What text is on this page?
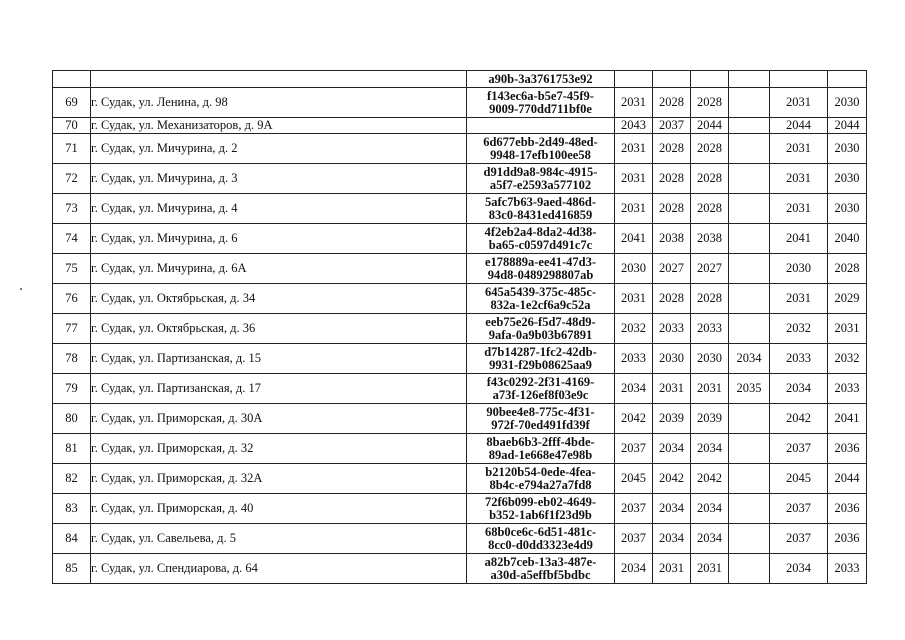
		a90b-3a3761753e92						

69	г. Судак, ул. Ленина, д. 98	f143ec6a-b5e7-45f9-
9009-770dd711bf0e	2031	2028	2028		2031	2030
70	г. Судак, ул. Механизаторов, д. 9А		2043	2037	2044		2044	2044
71	г. Судак, ул. Мичурина, д. 2	6d677ebb-2d49-48ed-
9948-17efb100ee58	2031	2028	2028		2031	2030
72	г. Судак, ул. Мичурина, д. 3	d91dd9a8-984c-4915-
a5f7-e2593a577102	2031	2028	2028		2031	2030
73	г. Судак, ул. Мичурина, д. 4	5afc7b63-9aed-486d-
83c0-8431ed416859	2031	2028	2028		2031	2030
74	г. Судак, ул. Мичурина, д. 6	4f2eb2a4-8da2-4d38-
ba65-c0597d491c7c	2041	2038	2038		2041	2040
75	г. Судак, ул. Мичурина, д. 6А	e178889a-ee41-47d3-
94d8-0489298807ab	2030	2027	2027		2030	2028
76	г. Судак, ул. Октябрьская, д. 34	645a5439-375c-485c-
832a-1e2cf6a9c52a	2031	2028	2028		2031	2029
77	г. Судак, ул. Октябрьская, д. 36	eeb75e26-f5d7-48d9-
9afa-0a9b03b67891	2032	2033	2033		2032	2031
78	г. Судак, ул. Партизанская, д. 15	d7b14287-1fc2-42db-
9931-f29b08625aa9	2033	2030	2030	2034	2033	2032
79	г. Судак, ул. Партизанская, д. 17	f43c0292-2f31-4169-
a73f-126ef8f03e9c	2034	2031	2031	2035	2034	2033
80	г. Судак, ул. Приморская, д. 30А	90bee4e8-775c-4f31-
972f-70ed491fd39f	2042	2039	2039		2042	2041
81	г. Судак, ул. Приморская, д. 32	8baeb6b3-2fff-4bde-
89ad-1e668e47e98b	2037	2034	2034		2037	2036
82	г. Судак, ул. Приморская, д. 32А	b2120b54-0ede-4fea-
8b4c-e794a27a7fd8	2045	2042	2042		2045	2044
83	г. Судак, ул. Приморская, д. 40	72f6b099-eb02-4649-
b352-1ab6f1f23d9b	2037	2034	2034		2037	2036
84	г. Судак, ул. Савельева, д. 5	68b0ce6c-6d51-481c-
8cc0-d0dd3323e4d9	2037	2034	2034		2037	2036
85	г. Судак, ул. Спендиарова, д. 64	a82b7ceb-13a3-487e-
a30d-a5effbf5bdbc	2034	2031	2031		2034	2033
